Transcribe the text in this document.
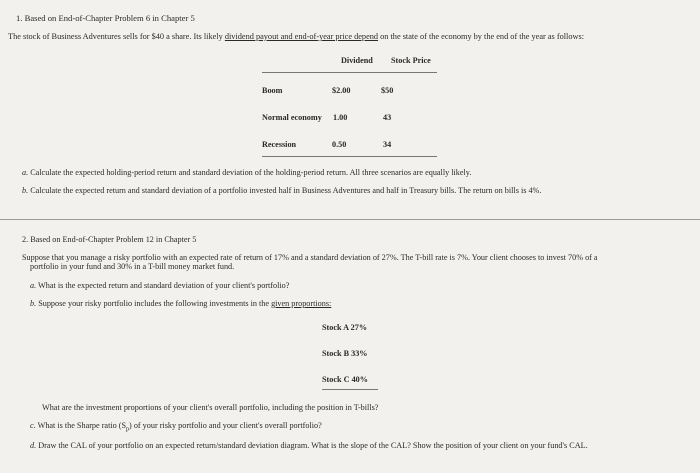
1. Based on End-of-Chapter Problem 6 in Chapter 5
The stock of Business Adventures sells for $40 a share. Its likely dividend payout and end-of-year price depend on the state of the economy by the end of the year as follows:
Dividend Stock Price
Boom	$2.00	$50
Normal economy 1.00	43
Recession	0.50	34
a. Calculate the expected holding-period return and standard deviation of the holding-period return. All three scenarios are equally likely.
b. Calculate the expected return and standard deviation of a portfolio invested half in Business Adventures and half in Treasury bills. The return on bills is 4%.
2. Based on End-of-Chapter Problem 12 in Chapter 5
Suppose that you manage a risky portfolio with an expected rate of return of 17% and a standard deviation of 27%. The T-bill rate is 7%. Your client chooses to invest 70% of a
portfolio in your fund and 30% in a T-bill money market fund.
a. What is the expected return and standard deviation of your client's portfolio?
b. Suppose your risky portfolio includes the following investments in the given proportions:
Stock A 27%
Stock B 33%
Stock C 40%
What are the investment proportions of your client's overall portfolio, including the position in T-bills?
c. What is the Sharpe ratio $(S_p)$ of your risky portfolio and your client's overall portfolio?
d. Draw the CAL of your portfolio on an expected return/standard deviation diagram. What is the slope of the CAL? Show the position of your client on your fund's CAL.
